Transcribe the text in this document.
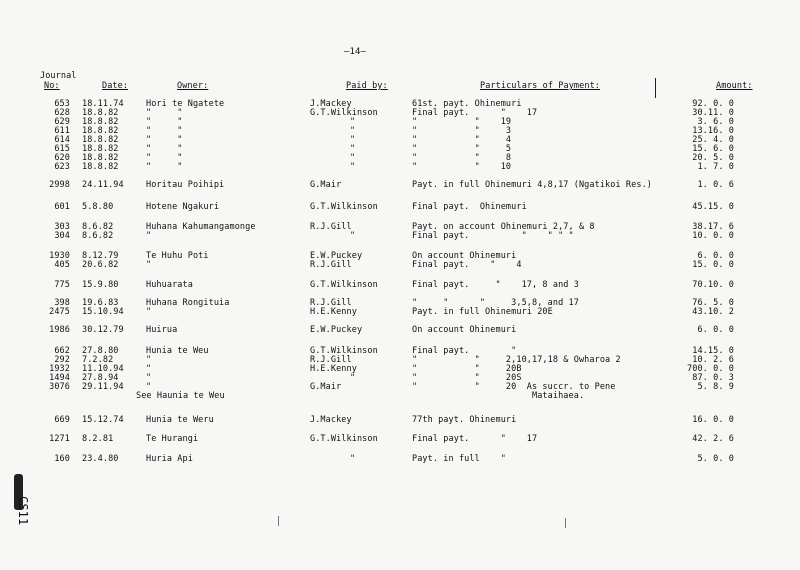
—14—
Journal
No:	Date:	Owner:	Paid by:	Particulars of Payment:	Amount:
653 18.11.74	Hori te Ngatete	J.Mackey	61st. payt. Ohinemuri	92. 0. 0
628 18.8.82	"     "	G.T.Wilkinson	Final payt.      "    17	30.11. 0
629 18.8.82	"     "	"	"           "    19	3. 6. 0
611 18.8.82	"     "	"	"           "     3	13.16. 0
614 18.8.82	"     "	"	"           "     4	25. 4. 0
615 18.8.82	"     "	"	"           "     5	15. 6. 0
620 18.8.82	"     "	"	"           "     8	20. 5. 0
623 18.8.82	"     "	"	"           "    10	1. 7. 0
2998 24.11.94	Horitau Poihipi	G.Mair	Payt. in full Ohinemuri 4,8,17 (Ngatikoi Res.)	1. 0. 6
601 5.8.80	Hotene Ngakuri	G.T.Wilkinson	Final payt.  Ohinemuri	45.15. 0
303 8.6.82	Huhana Kahumangamonge	R.J.Gill	Payt. on account Ohinemuri 2,7, & 8	38.17. 6
304 8.6.82	"	"	Final payt.          "    " " "	10. 0. 0
1930 8.12.79	Te Huhu Poti	E.W.Puckey	On account Ohinemuri	6. 0. 0
405 20.6.82	"	R.J.Gill	Final payt.    "    4	15. 0. 0
775 15.9.80	Huhuarata	G.T.Wilkinson	Final payt.     "    17, 8 and 3	70.10. 0
398 19.6.83	Huhana Rongituia	R.J.Gill	"     "      "     3,5,8, and 17	76. 5. 0
2475 15.10.94	"	H.E.Kenny	Payt. in full Ohinemuri 20E	43.10. 2
1986 30.12.79	Huirua	E.W.Puckey	On account Ohinemuri	6. 0. 0
662 27.8.80	Hunia te Weu	G.T.Wilkinson	Final payt.        "	14.15. 0
292 7.2.82	"	R.J.Gill	"           "     2,10,17,18 & Owharoa 2	10. 2. 6
1932 11.10.94	"	H.E.Kenny	"           "     20B	700. 0. 0
1494 27.8.94	"	"	"           "     20S	87. 0. 3
3076 29.11.94	"	G.Mair	"           "     20  As succr. to Pene	5. 8. 9
See Haunia te Weu	Mataihaea.
669 15.12.74	Hunia te Weru	J.Mackey	77th payt. Ohinemuri	16. 0. 0
1271 8.2.81	Te Hurangi	G.T.Wilkinson	Final payt.      "    17	42. 2. 6
160 23.4.80	Huria Api	"	Payt. in full    "	5. 0. 0
CS11
